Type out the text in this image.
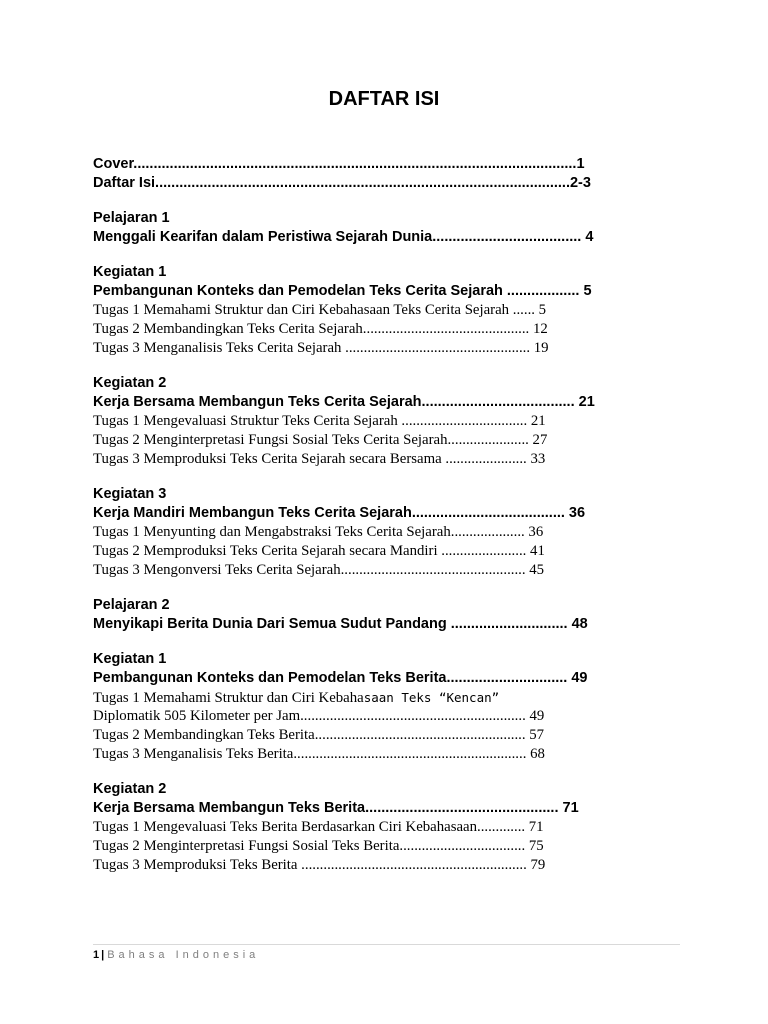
DAFTAR ISI
Cover..............................................................................................................1
Daftar Isi.......................................................................................................2-3
Pelajaran 1
Menggali Kearifan dalam Peristiwa Sejarah Dunia..................................... 4
Kegiatan 1
Pembangunan Konteks dan Pemodelan Teks Cerita Sejarah .................. 5
Tugas 1 Memahami Struktur dan Ciri Kebahasaan Teks Cerita Sejarah ...... 5
Tugas 2 Membandingkan Teks Cerita Sejarah............................................. 12
Tugas 3 Menganalisis Teks Cerita Sejarah .................................................. 19
Kegiatan 2
Kerja Bersama Membangun Teks Cerita Sejarah...................................... 21
Tugas 1 Mengevaluasi Struktur Teks Cerita Sejarah .................................. 21
Tugas 2 Menginterpretasi Fungsi Sosial Teks Cerita Sejarah...................... 27
Tugas 3 Memproduksi Teks Cerita Sejarah secara Bersama ...................... 33
Kegiatan 3
Kerja Mandiri Membangun Teks Cerita Sejarah...................................... 36
Tugas 1 Menyunting dan Mengabstraksi Teks Cerita Sejarah.................... 36
Tugas 2 Memproduksi Teks Cerita Sejarah secara Mandiri ....................... 41
Tugas 3 Mengonversi Teks Cerita Sejarah.................................................. 45
Pelajaran 2
Menyikapi Berita Dunia Dari Semua Sudut Pandang ............................. 48
Kegiatan 1
Pembangunan Konteks dan Pemodelan Teks Berita.............................. 49
Tugas 1 Memahami Struktur dan Ciri Kebahasaan Teks “Kencan”
Diplomatik 505 Kilometer per Jam............................................................. 49
Tugas 2 Membandingkan Teks Berita......................................................... 57
Tugas 3 Menganalisis Teks Berita............................................................... 68
Kegiatan 2
Kerja Bersama Membangun Teks Berita................................................ 71
Tugas 1 Mengevaluasi Teks Berita Berdasarkan Ciri Kebahasaan............. 71
Tugas 2 Menginterpretasi Fungsi Sosial Teks Berita.................................. 75
Tugas 3 Memproduksi Teks Berita ............................................................. 79
1 | Bahasa Indonesia
